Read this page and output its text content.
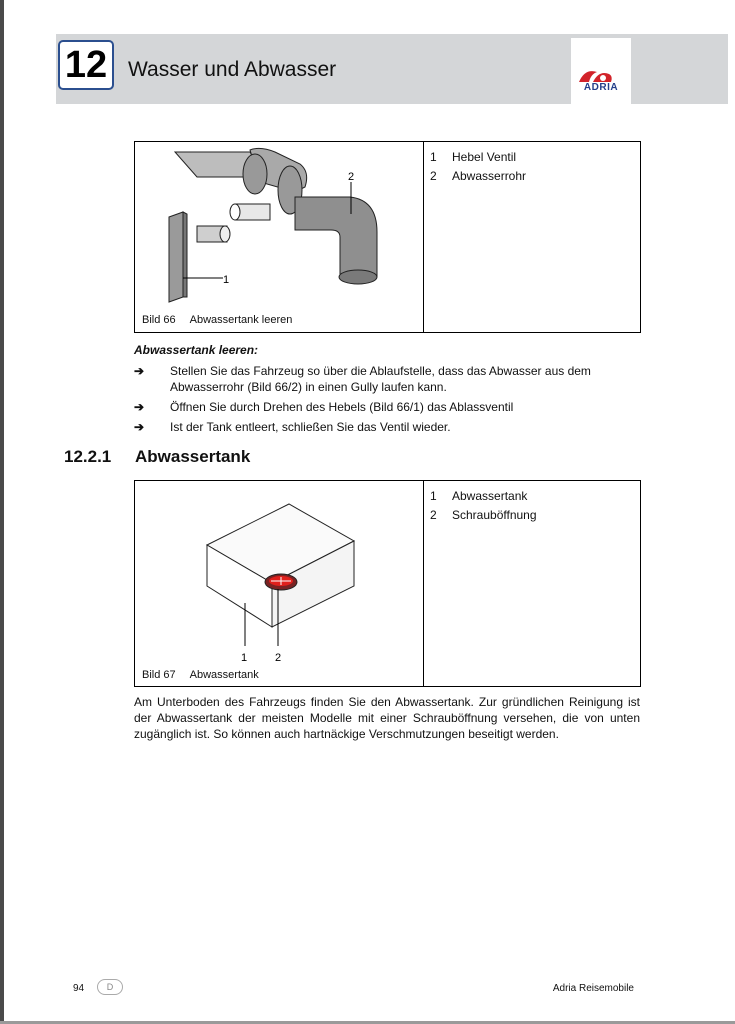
12 Wasser und Abwasser
ADRIA
1
2
Bild 66 Abwassertank leeren
1	Hebel Ventil
2	Abwasserrohr
Abwassertank leeren:
➔	Stellen Sie das Fahrzeug so über die Ablaufstelle, dass das Abwasser aus dem Abwasserrohr (Bild 66/2) in einen Gully laufen kann.
➔	Öffnen Sie durch Drehen des Hebels (Bild 66/1) das Ablassventil
➔	Ist der Tank entleert, schließen Sie das Ventil wieder.
12.2.1 Abwassertank
1	2
Bild 67 Abwassertank
1	Abwassertank
2	Schrauböffnung
Am Unterboden des Fahrzeugs finden Sie den Abwassertank. Zur gründlichen Reinigung ist der Abwassertank der meisten Modelle mit einer Schrauböffnung versehen, die von unten zugänglich ist. So können auch hartnäckige Verschmutzungen beseitigt werden.
94	D	Adria Reisemobile
